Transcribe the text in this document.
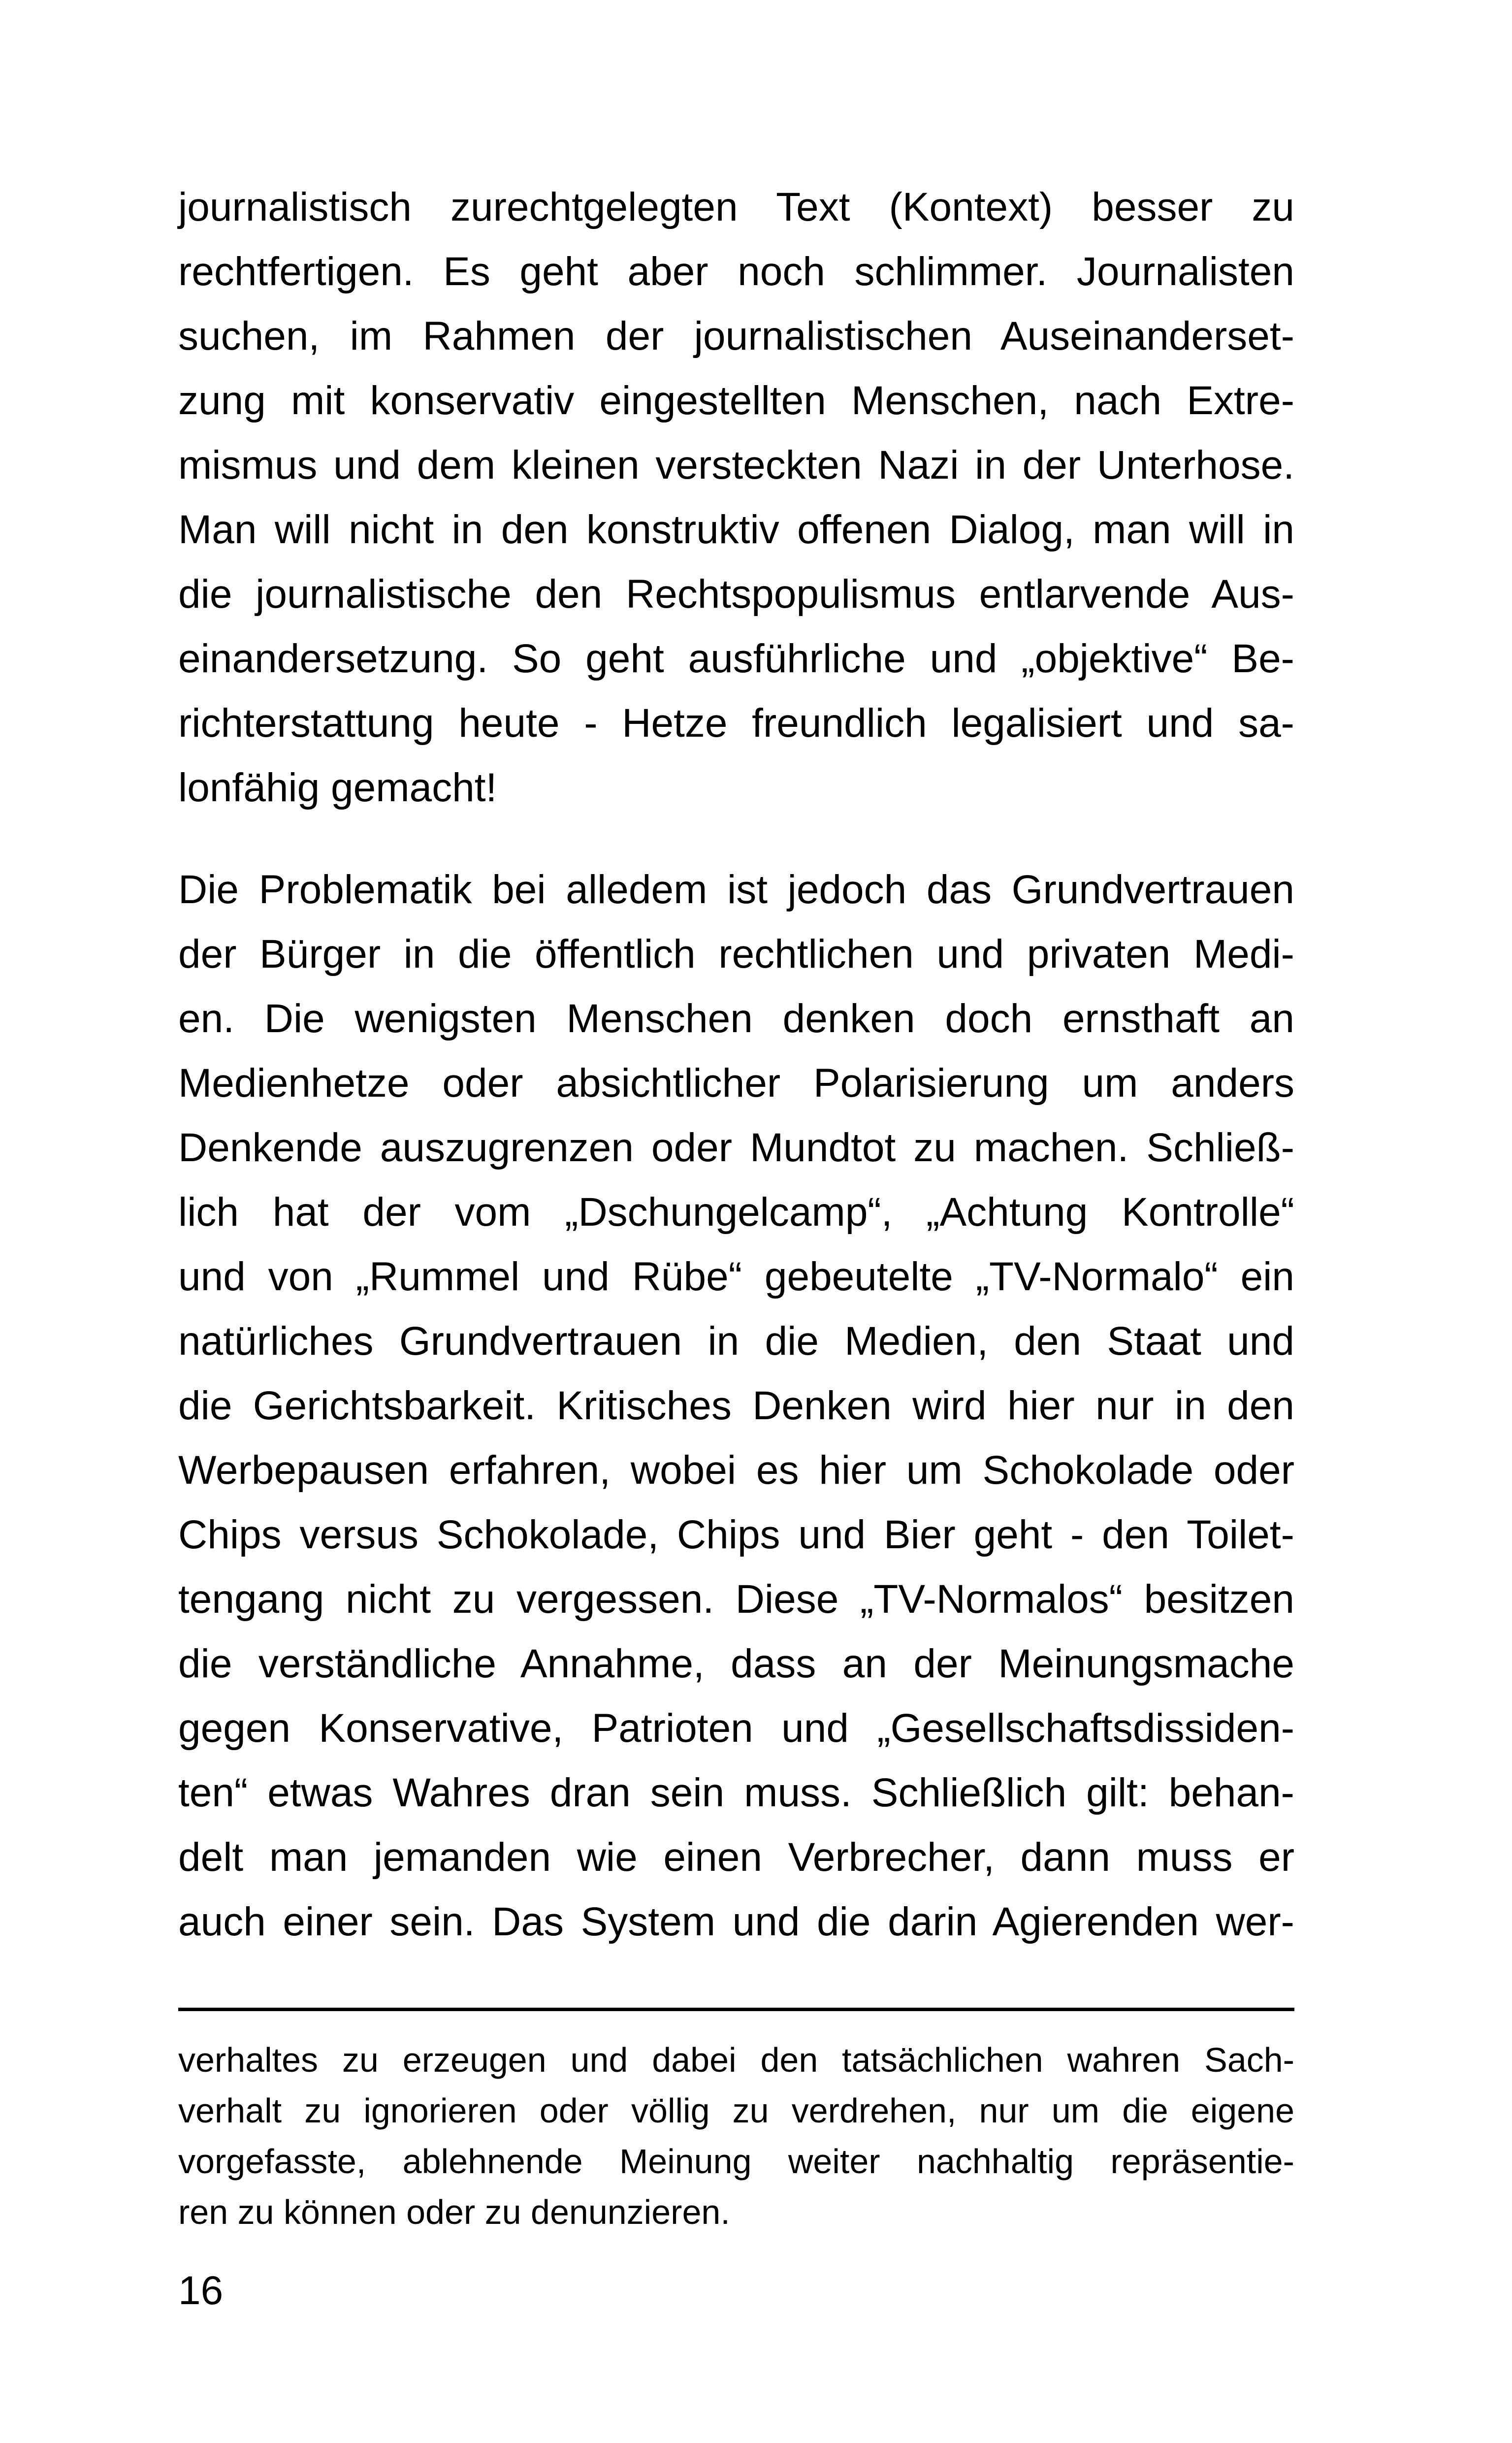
journalistisch zurechtgelegten Text (Kontext) besser zu
rechtfertigen. Es geht aber noch schlimmer. Journalisten
suchen, im Rahmen der journalistischen Auseinanderset-
zung mit konservativ eingestellten Menschen, nach Extre-
mismus und dem kleinen versteckten Nazi in der Unterhose.
Man will nicht in den konstruktiv offenen Dialog, man will in
die journalistische den Rechtspopulismus entlarvende Aus-
einandersetzung. So geht ausführliche und „objektive“ Be-
richterstattung heute - Hetze freundlich legalisiert und sa-
lonfähig gemacht!

Die Problematik bei alledem ist jedoch das Grundvertrauen
der Bürger in die öffentlich rechtlichen und privaten Medi-
en. Die wenigsten Menschen denken doch ernsthaft an
Medienhetze oder absichtlicher Polarisierung um anders
Denkende auszugrenzen oder Mundtot zu machen. Schließ-
lich hat der vom „Dschungelcamp“, „Achtung Kontrolle“
und von „Rummel und Rübe“ gebeutelte „TV-Normalo“ ein
natürliches Grundvertrauen in die Medien, den Staat und
die Gerichtsbarkeit. Kritisches Denken wird hier nur in den
Werbepausen erfahren, wobei es hier um Schokolade oder
Chips versus Schokolade, Chips und Bier geht - den Toilet-
tengang nicht zu vergessen. Diese „TV-Normalos“ besitzen
die verständliche Annahme, dass an der Meinungsmache
gegen Konservative, Patrioten und „Gesellschaftsdissiden-
ten“ etwas Wahres dran sein muss. Schließlich gilt: behan-
delt man jemanden wie einen Verbrecher, dann muss er
auch einer sein. Das System und die darin Agierenden wer-

verhaltes zu erzeugen und dabei den tatsächlichen wahren Sach-
verhalt zu ignorieren oder völlig zu verdrehen, nur um die eigene
vorgefasste, ablehnende Meinung weiter nachhaltig repräsentie-
ren zu können oder zu denunzieren.

16
